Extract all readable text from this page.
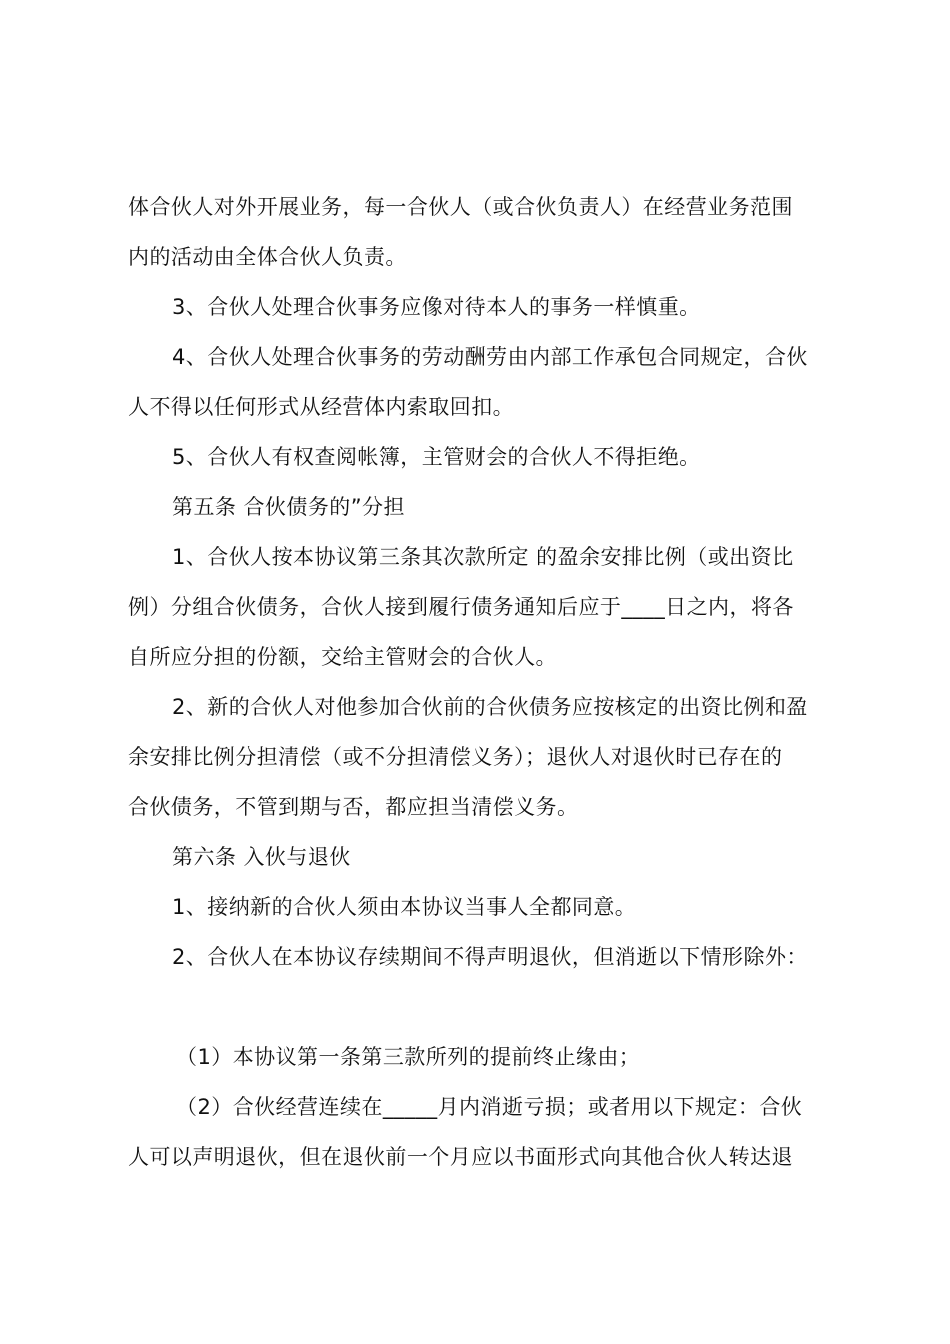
体合伙人对外开展业务，每一合伙人（或合伙负责人）在经营业务范围
内的活动由全体合伙人负责。
3、合伙人处理合伙事务应像对待本人的事务一样慎重。
4、合伙人处理合伙事务的劳动酬劳由内部工作承包合同规定，合伙
人不得以任何形式从经营体内索取回扣。
5、合伙人有权查阅帐簿，主管财会的合伙人不得拒绝。
第五条 合伙债务的”分担
1、合伙人按本协议第三条其次款所定 的盈余安排比例（或出资比
例）分组合伙债务，合伙人接到履行债务通知后应于____日之内，将各
自所应分担的份额，交给主管财会的合伙人。
2、新的合伙人对他参加合伙前的合伙债务应按核定的出资比例和盈
余安排比例分担清偿（或不分担清偿义务）；退伙人对退伙时已存在的
合伙债务，不管到期与否，都应担当清偿义务。
第六条 入伙与退伙
1、接纳新的合伙人须由本协议当事人全都同意。
2、合伙人在本协议存续期间不得声明退伙，但消逝以下情形除外：
（1）本协议第一条第三款所列的提前终止缘由；
（2）合伙经营连续在_____月内消逝亏损；或者用以下规定：合伙
人可以声明退伙，但在退伙前一个月应以书面形式向其他合伙人转达退
